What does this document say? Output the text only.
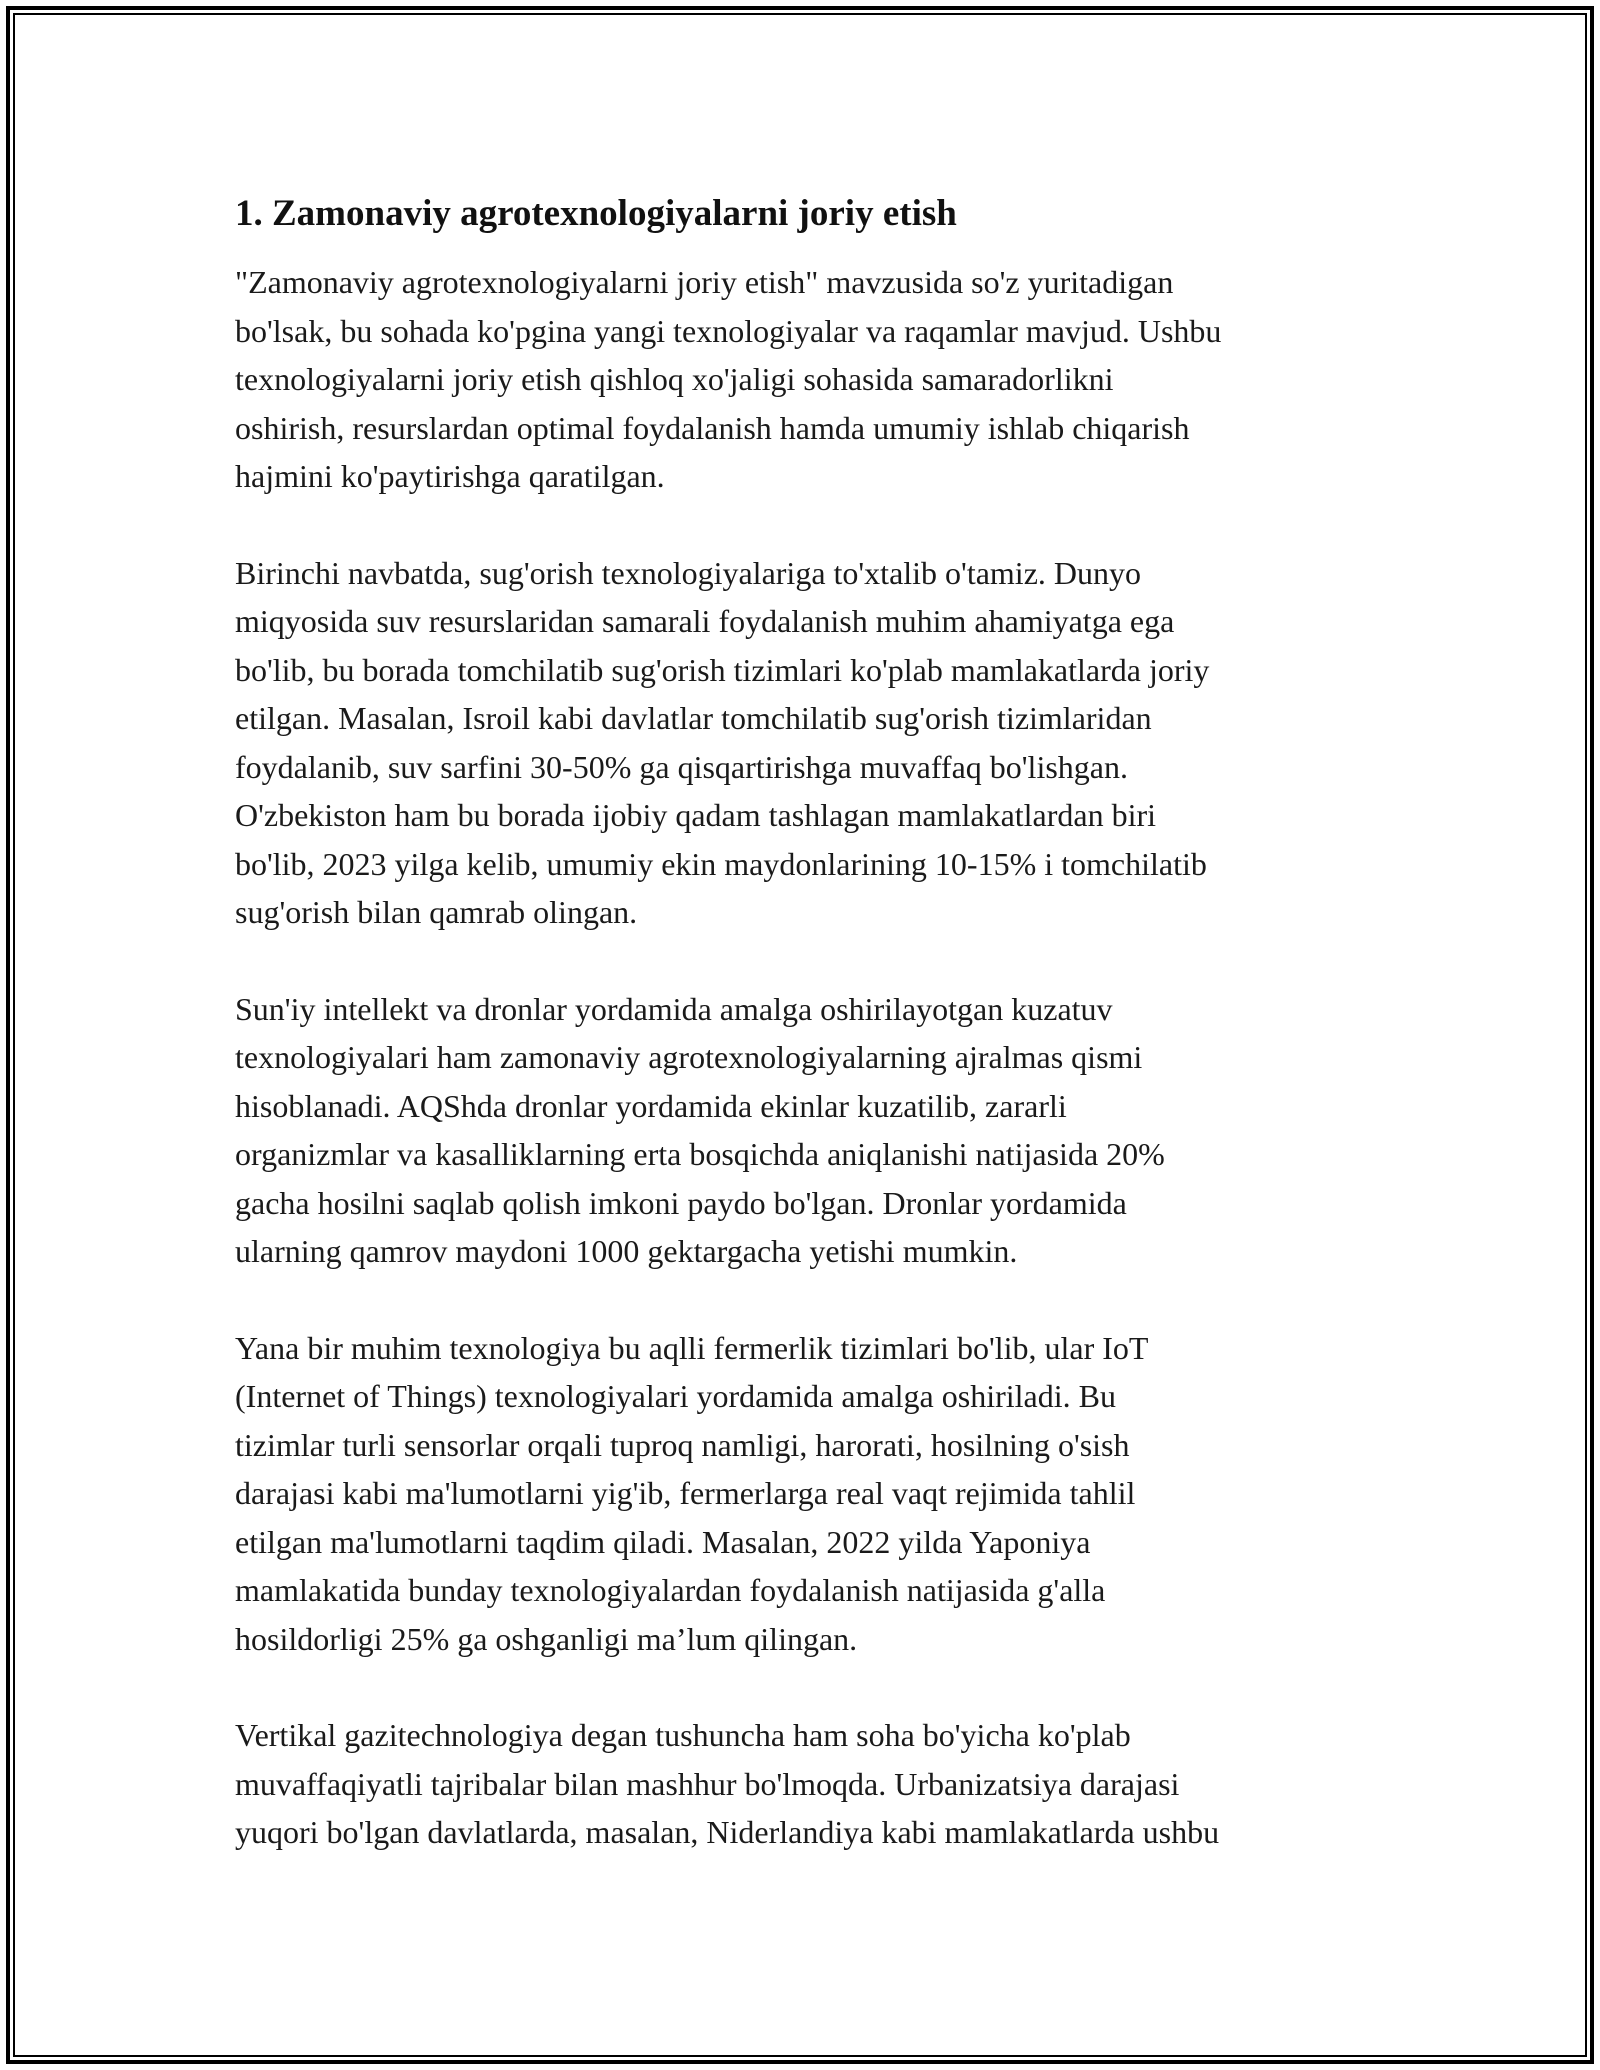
1. Zamonaviy agrotexnologiyalarni joriy etish

"Zamonaviy agrotexnologiyalarni joriy etish" mavzusida so'z yuritadigan
bo'lsak, bu sohada ko'pgina yangi texnologiyalar va raqamlar mavjud. Ushbu
texnologiyalarni joriy etish qishloq xo'jaligi sohasida samaradorlikni
oshirish, resurslardan optimal foydalanish hamda umumiy ishlab chiqarish
hajmini ko'paytirishga qaratilgan.

Birinchi navbatda, sug'orish texnologiyalariga to'xtalib o'tamiz. Dunyo
miqyosida suv resurslaridan samarali foydalanish muhim ahamiyatga ega
bo'lib, bu borada tomchilatib sug'orish tizimlari ko'plab mamlakatlarda joriy
etilgan. Masalan, Isroil kabi davlatlar tomchilatib sug'orish tizimlaridan
foydalanib, suv sarfini 30-50% ga qisqartirishga muvaffaq bo'lishgan.
O'zbekiston ham bu borada ijobiy qadam tashlagan mamlakatlardan biri
bo'lib, 2023 yilga kelib, umumiy ekin maydonlarining 10-15% i tomchilatib
sug'orish bilan qamrab olingan.

Sun'iy intellekt va dronlar yordamida amalga oshirilayotgan kuzatuv
texnologiyalari ham zamonaviy agrotexnologiyalarning ajralmas qismi
hisoblanadi. AQShda dronlar yordamida ekinlar kuzatilib, zararli
organizmlar va kasalliklarning erta bosqichda aniqlanishi natijasida 20%
gacha hosilni saqlab qolish imkoni paydo bo'lgan. Dronlar yordamida
ularning qamrov maydoni 1000 gektargacha yetishi mumkin.

Yana bir muhim texnologiya bu aqlli fermerlik tizimlari bo'lib, ular IoT
(Internet of Things) texnologiyalari yordamida amalga oshiriladi. Bu
tizimlar turli sensorlar orqali tuproq namligi, harorati, hosilning o'sish
darajasi kabi ma'lumotlarni yig'ib, fermerlarga real vaqt rejimida tahlil
etilgan ma'lumotlarni taqdim qiladi. Masalan, 2022 yilda Yaponiya
mamlakatida bunday texnologiyalardan foydalanish natijasida g'alla
hosildorligi 25% ga oshganligi ma’lum qilingan.

Vertikal gazitechnologiya degan tushuncha ham soha bo'yicha ko'plab
muvaffaqiyatli tajribalar bilan mashhur bo'lmoqda. Urbanizatsiya darajasi
yuqori bo'lgan davlatlarda, masalan, Niderlandiya kabi mamlakatlarda ushbu
